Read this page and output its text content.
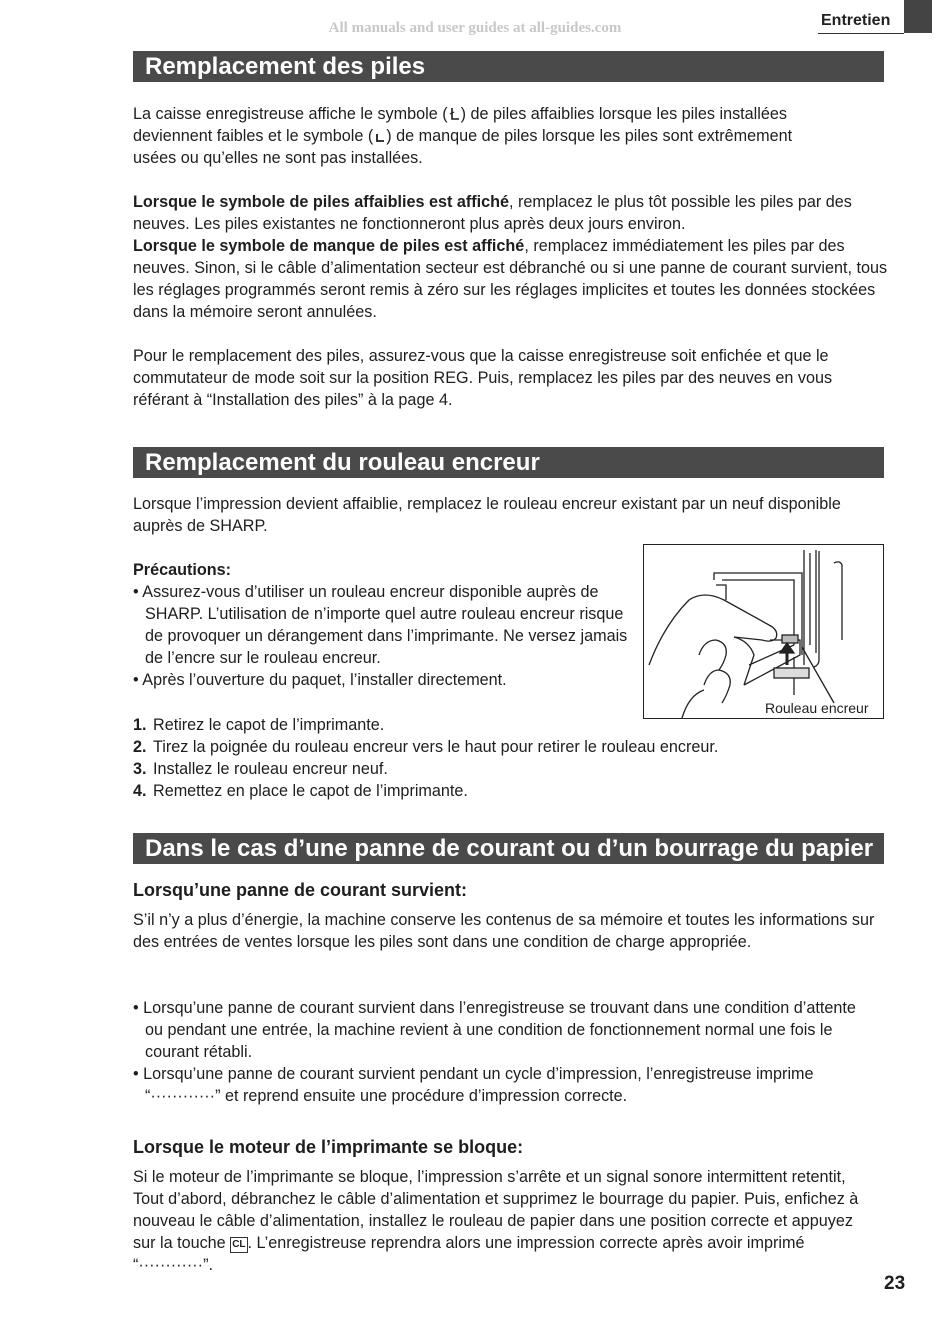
All manuals and user guides at all-guides.com	Entretien
Remplacement des piles
La caisse enregistreuse affiche le symbole ( ) de piles affaiblies lorsque les piles installées
deviennent faibles et le symbole ( ) de manque de piles lorsque les piles sont extrêmement
usées ou qu’elles ne sont pas installées.
Lorsque le symbole de piles affaiblies est affiché, remplacez le plus tôt possible les piles par des neuves. Les piles existantes ne fonctionneront plus après deux jours environ.
Lorsque le symbole de manque de piles est affiché, remplacez immédiatement les piles par des neuves. Sinon, si le câble d’alimentation secteur est débranché ou si une panne de courant survient, tous les réglages programmés seront remis à zéro sur les réglages implicites et toutes les données stockées dans la mémoire seront annulées.
Pour le remplacement des piles, assurez-vous que la caisse enregistreuse soit enfichée et que le commutateur de mode soit sur la position REG. Puis, remplacez les piles par des neuves en vous référant à “Installation des piles” à la page 4.
Remplacement du rouleau encreur
Lorsque l’impression devient affaiblie, remplacez le rouleau encreur existant par un neuf disponible auprès de SHARP.
Précautions:
• Assurez-vous d’utiliser un rouleau encreur disponible auprès de SHARP. L’utilisation de n’importe quel autre rouleau encreur risque de provoquer un dérangement dans l’imprimante. Ne versez jamais de l’encre sur le rouleau encreur.
• Après l’ouverture du paquet, l’installer directement.
1. Retirez le capot de l’imprimante.
2. Tirez la poignée du rouleau encreur vers le haut pour retirer le rouleau encreur.
3. Installez le rouleau encreur neuf.
4. Remettez en place le capot de l’imprimante.
Rouleau encreur
Dans le cas d’une panne de courant ou d’un bourrage du papier
Lorsqu’une panne de courant survient:
S’il n’y a plus d’énergie, la machine conserve les contenus de sa mémoire et toutes les informations sur des entrées de ventes lorsque les piles sont dans une condition de charge appropriée.
• Lorsqu’une panne de courant survient dans l’enregistreuse se trouvant dans une condition d’attente ou pendant une entrée, la machine revient à une condition de fonctionnement normal une fois le courant rétabli.
• Lorsqu’une panne de courant survient pendant un cycle d’impression, l’enregistreuse imprime “············” et reprend ensuite une procédure d’impression correcte.
Lorsque le moteur de l’imprimante se bloque:
Si le moteur de l’imprimante se bloque, l’impression s’arrête et un signal sonore intermittent retentit, Tout d’abord, débranchez le câble d’alimentation et supprimez le bourrage du papier. Puis, enfichez à nouveau le câble d’alimentation, installez le rouleau de papier dans une position correcte et appuyez sur la touche CL . L’enregistreuse reprendra alors une impression correcte après avoir imprimé “············”.
23
